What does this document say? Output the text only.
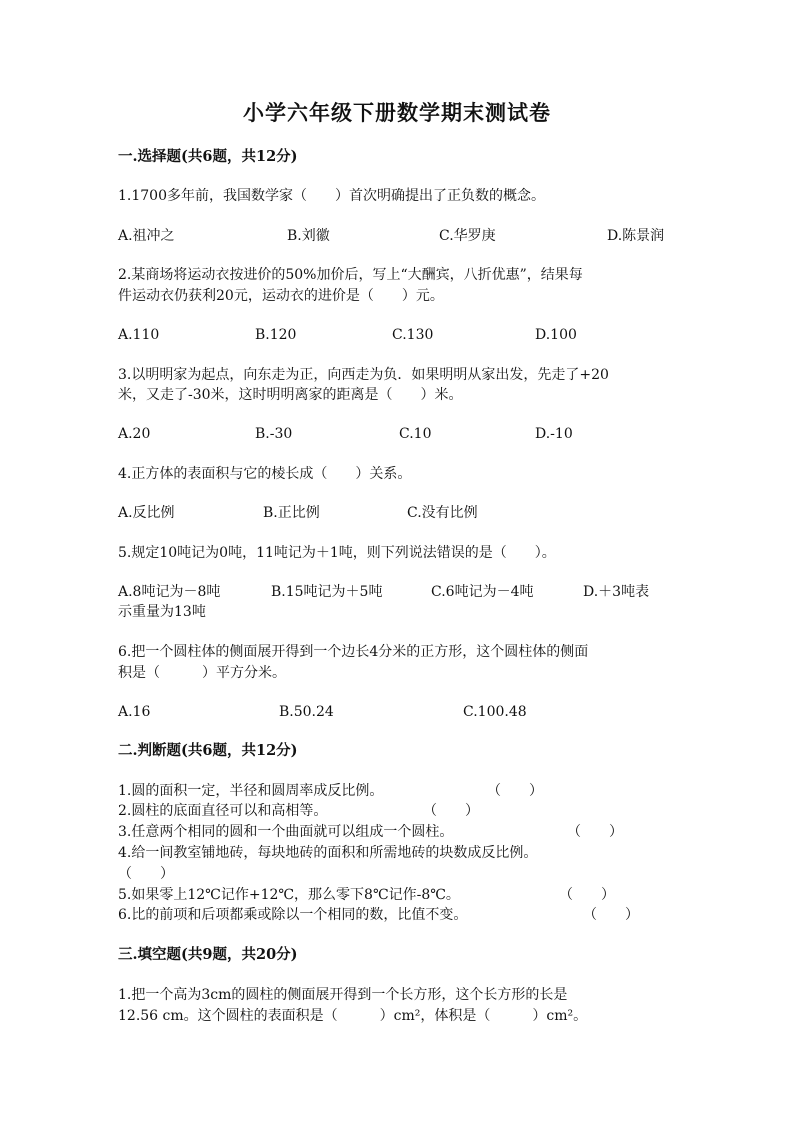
小学六年级下册数学期末测试卷
一.选择题(共6题，共12分)
1.1700多年前，我国数学家（　　）首次明确提出了正负数的概念。
A.祖冲之	B.刘徽	C.华罗庚	D.陈景润
2.某商场将运动衣按进价的50%加价后，写上“大酬宾，八折优惠”，结果每
件运动衣仍获利20元，运动衣的进价是（　　）元。
A.110	B.120	C.130	D.100
3.以明明家为起点，向东走为正，向西走为负．如果明明从家出发，先走了+20
米，又走了-30米，这时明明离家的距离是（　　）米。
A.20	B.-30	C.10	D.-10
4.正方体的表面积与它的棱长成（　　）关系。
A.反比例	B.正比例	C.没有比例
5.规定10吨记为0吨，11吨记为＋1吨，则下列说法错误的是（　　）。
A.8吨记为－8吨	B.15吨记为＋5吨	C.6吨记为－4吨	D.＋3吨表
示重量为13吨
6.把一个圆柱体的侧面展开得到一个边长4分米的正方形，这个圆柱体的侧面
积是（　　　）平方分米。
A.16	B.50.24	C.100.48
二.判断题(共6题，共12分)
1.圆的面积一定，半径和圆周率成反比例。	（　　）
2.圆柱的底面直径可以和高相等。	（　　）
3.任意两个相同的圆和一个曲面就可以组成一个圆柱。	（　　）
4.给一间教室铺地砖，每块地砖的面积和所需地砖的块数成反比例。
（　　）
5.如果零上12℃记作+12℃，那么零下8℃记作-8℃。	（　　）
6.比的前项和后项都乘或除以一个相同的数，比值不变。	（　　）
三.填空题(共9题，共20分)
1.把一个高为3cm的圆柱的侧面展开得到一个长方形，这个长方形的长是
12.56 cm。这个圆柱的表面积是（　　　）cm²，体积是（　　　）cm²。
